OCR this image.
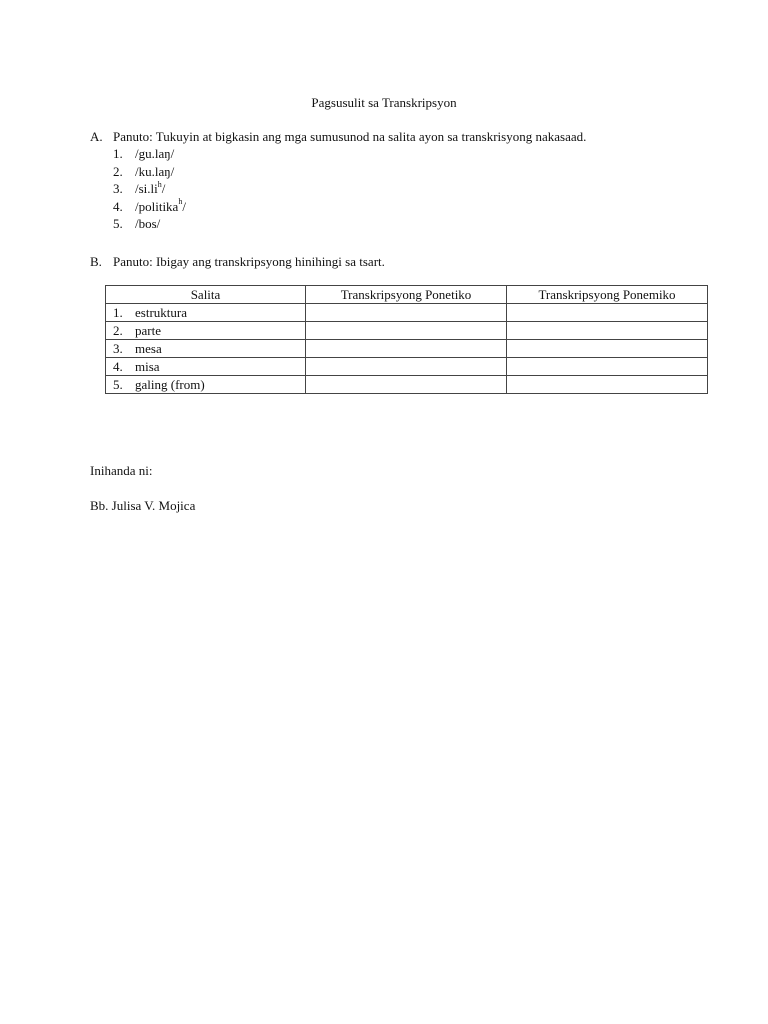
Pagsusulit sa Transkripsyon
A. Panuto: Tukuyin at bigkasin ang mga sumusunod na salita ayon sa transkrisyong nakasaad.
1. /gu.laŋ/
2. /ku.laŋ/
3. $/si.li^h/$
4. /politika$^h$/
5. /bos/
B. Panuto: Ibigay ang transkripsyong hinihingi sa tsart.
Salita	Transkripsyong Ponetiko	Transkripsyong Ponemiko
1. estruktura		
2. parte		
3. mesa		
4. misa		
5. galing (from)		
Inihanda ni:
Bb. Julisa V. Mojica
